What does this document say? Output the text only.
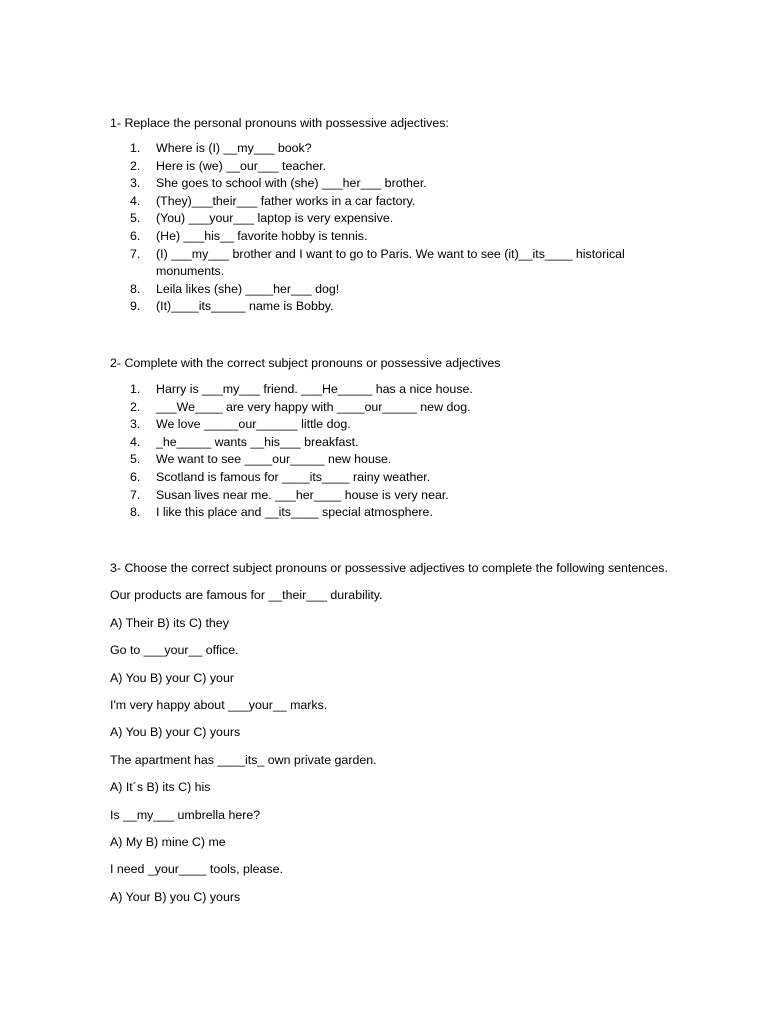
1- Replace the personal pronouns with possessive adjectives:

1. Where is (I) __my___ book?
2. Here is (we) __our___ teacher.
3. She goes to school with (she) ___her___ brother.
4. (They)___their___ father works in a car factory.
5. (You) ___your___ laptop is very expensive.
6. (He) ___his__ favorite hobby is tennis.
7. (I) ___my___ brother and I want to go to Paris. We want to see (it)__its____ historical monuments.
8. Leila likes (she) ____her___ dog!
9. (It)____its_____ name is Bobby.

2- Complete with the correct subject pronouns or possessive adjectives

1. Harry is ___my___ friend. ___He_____ has a nice house.
2. ___We____ are very happy with ____our_____ new dog.
3. We love _____our______ little dog.
4. _he_____ wants __his___ breakfast.
5. We want to see ____our_____ new house.
6. Scotland is famous for ____its____ rainy weather.
7. Susan lives near me. ___her____ house is very near.
8. I like this place and __its____ special atmosphere.

3- Choose the correct subject pronouns or possessive adjectives to complete the following sentences.

Our products are famous for __their___ durability.

A) Their B) its C) they

Go to ___your__ office.

A) You B) your C) your

I'm very happy about ___your__ marks.

A) You B) your C) yours

The apartment has ____its_ own private garden.

A) It´s B) its C) his

Is __my___ umbrella here?

A) My B) mine C) me

I need _your____ tools, please.

A) Your B) you C) yours
